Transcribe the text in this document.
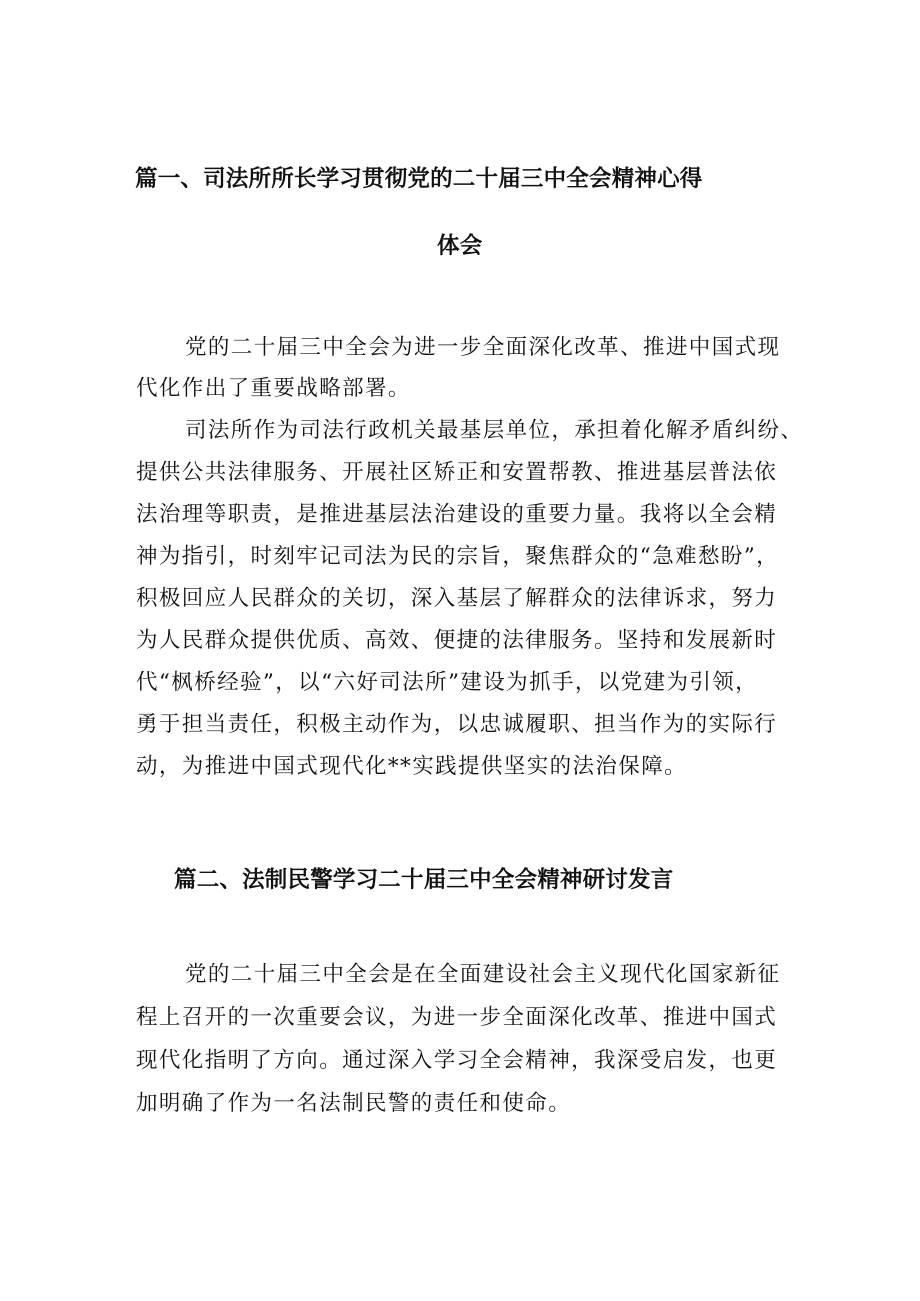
篇一、司法所所长学习贯彻党的二十届三中全会精神心得
体会
党的二十届三中全会为进一步全面深化改革、推进中国式现
代化作出了重要战略部署。
司法所作为司法行政机关最基层单位，承担着化解矛盾纠纷、
提供公共法律服务、开展社区矫正和安置帮教、推进基层普法依
法治理等职责，是推进基层法治建设的重要力量。我将以全会精
神为指引，时刻牢记司法为民的宗旨，聚焦群众的“急难愁盼”，
积极回应人民群众的关切，深入基层了解群众的法律诉求，努力
为人民群众提供优质、高效、便捷的法律服务。坚持和发展新时
代“枫桥经验”，以“六好司法所”建设为抓手，以党建为引领，
勇于担当责任，积极主动作为，以忠诚履职、担当作为的实际行
动，为推进中国式现代化**实践提供坚实的法治保障。
篇二、法制民警学习二十届三中全会精神研讨发言
党的二十届三中全会是在全面建设社会主义现代化国家新征
程上召开的一次重要会议，为进一步全面深化改革、推进中国式
现代化指明了方向。通过深入学习全会精神，我深受启发，也更
加明确了作为一名法制民警的责任和使命。
